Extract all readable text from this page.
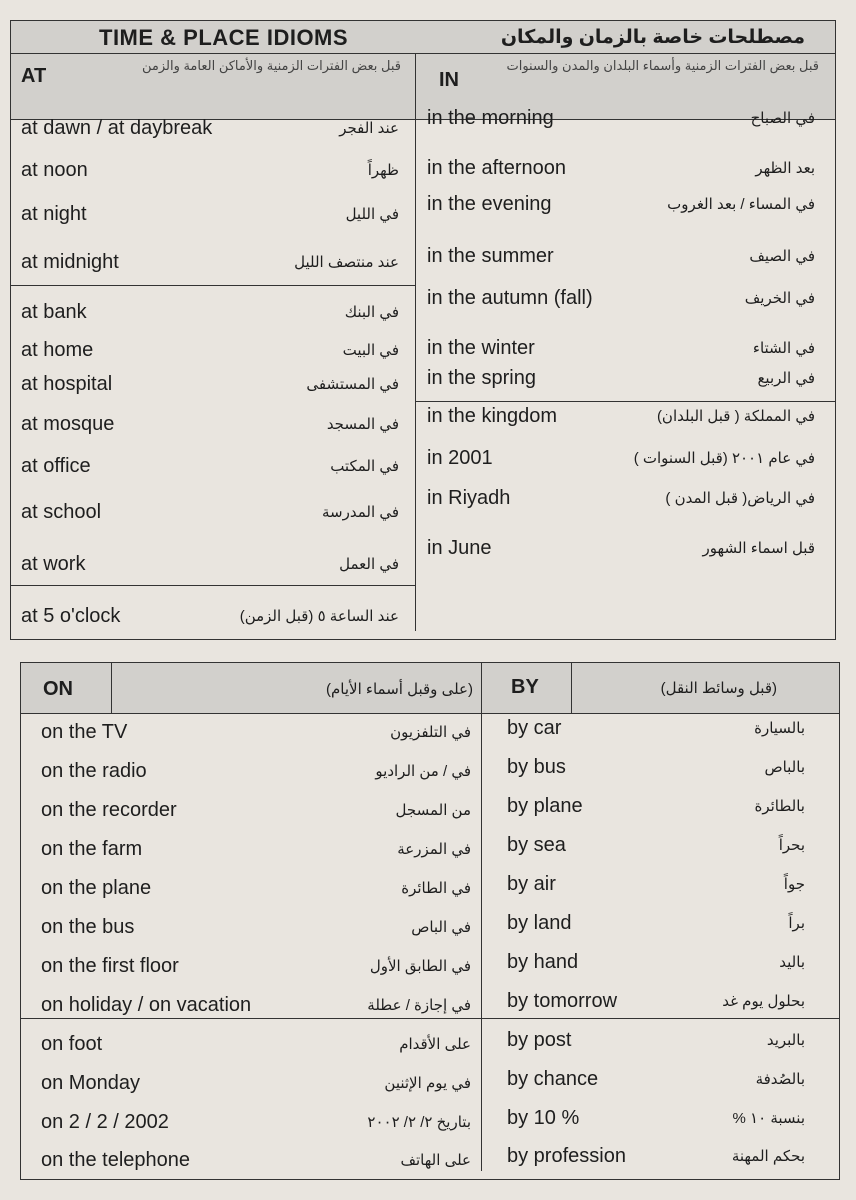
TIME & PLACE IDIOMS	مصطلحات خاصة بالزمان والمكان
AT	قبل بعض الفترات الزمنية والأماكن العامة والزمن
IN
قبل بعض الفترات الزمنية وأسماء البلدان والمدن والسنوات
at dawn / at daybreak	عند الفجر
at noon	ظهراً
at night	في الليل
at midnight	عند منتصف الليل
at bank	في البنك
at home	في البيت
at hospital	في المستشفى
at mosque	في المسجد
at office	في المكتب
at school	في المدرسة
at work	في العمل
at 5 o'clock	عند الساعة ٥ (قبل الزمن)
in the morning	في الصباح
in the afternoon	بعد الظهر
in the evening	في المساء / بعد الغروب
in the summer	في الصيف
in the autumn (fall)	في الخريف
in the winter	في الشتاء
in the spring	في الربيع
in the kingdom	في المملكة ( قبل البلدان)
in 2001	في عام ٢٠٠١ (قبل السنوات )
in Riyadh	في الرياض( قبل المدن )
in June	قبل اسماء الشهور
ON	(على وقبل أسماء الأيام) BY	(قبل وسائط النقل)
on the TV	في التلفزيون
on the radio	في / من الراديو
on the recorder	من المسجل
on the farm	في المزرعة
on the plane	في الطائرة
on the bus	في الباص
on the first floor	في الطابق الأول
on holiday / on vacation	في إجازة / عطلة
on foot	على الأقدام
on Monday	في يوم الإثنين
on 2 / 2 / 2002	بتاريخ ٢/ ٢/ ٢٠٠٢
on the telephone	على الهاتف
by car	بالسيارة
by bus	بالباص
by plane	بالطائرة
by sea	بحراً
by air	جواً
by land	براً
by hand	باليد
by tomorrow	بحلول يوم غد
by post	بالبريد
by chance	بالصُدفة
by 10 %	بنسبة ١٠ %
by profession	بحكم المهنة
